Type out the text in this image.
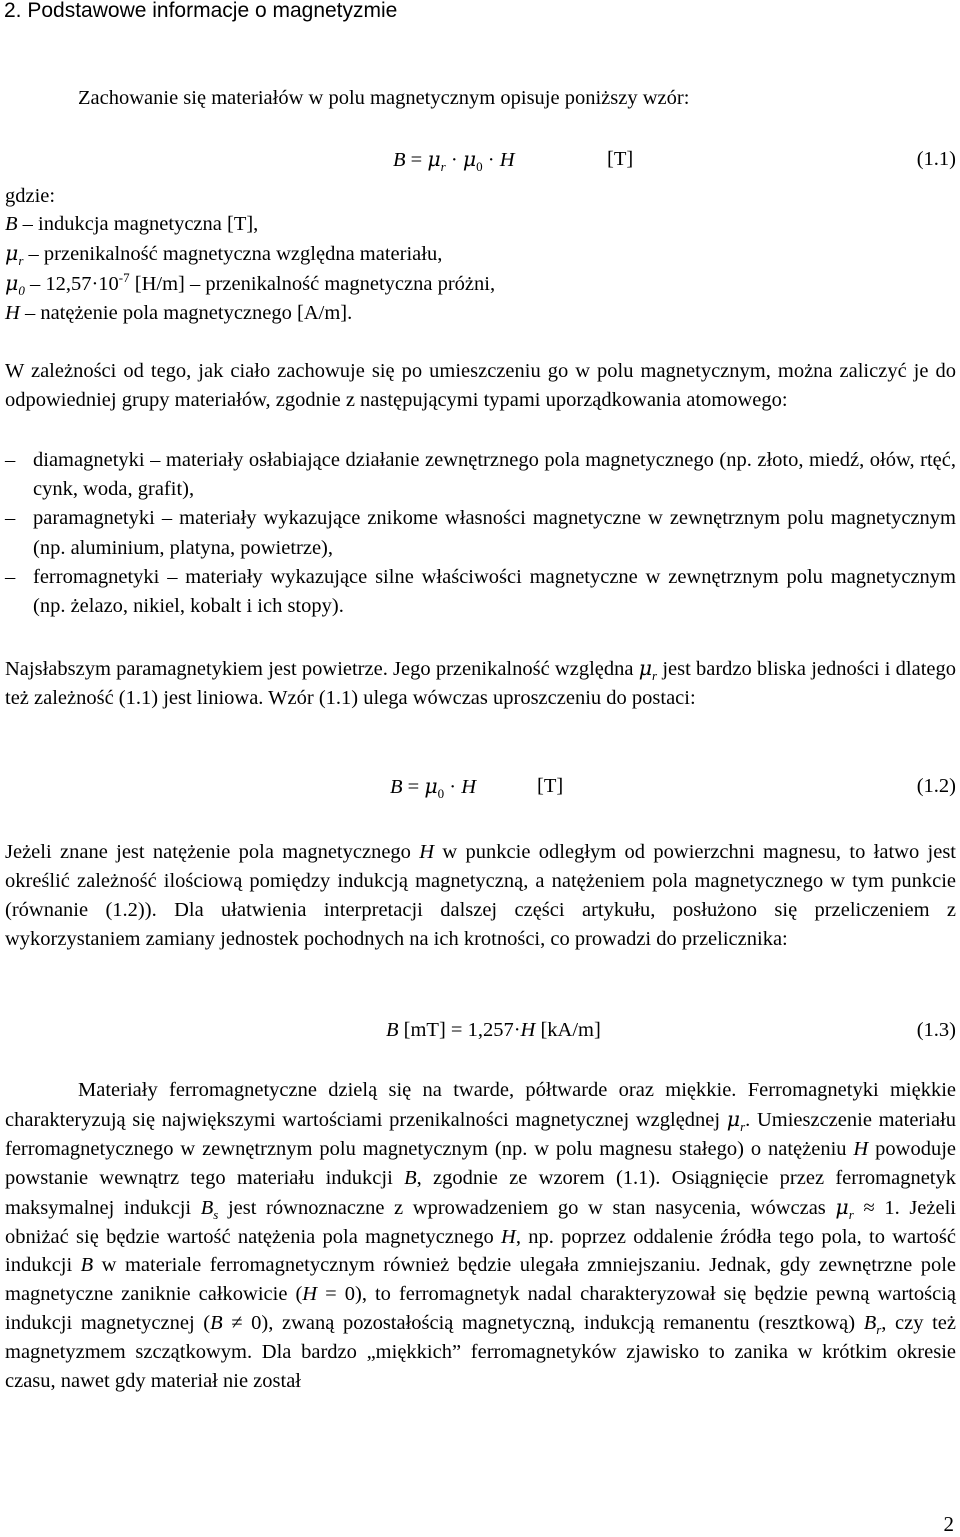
2. Podstawowe informacje o magnetyzmie
Zachowanie się materiałów w polu magnetycznym opisuje poniższy wzór:
$B = \mu_r \cdot \mu_0 \cdot H$	[T]	(1.1)
gdzie:
B – indukcja magnetyczna [T],
$\mu_r$ – przenikalność magnetyczna względna materiału,
$\mu_0 - 12,57\cdot 10^{-7}$ [H/m] – przenikalność magnetyczna próżni,
H – natężenie pola magnetycznego [A/m].

W zależności od tego, jak ciało zachowuje się po umieszczeniu go w polu magnetycznym, można zaliczyć je do odpowiedniej grupy materiałów, zgodnie z następującymi typami uporządkowania atomowego:

– diamagnetyki – materiały osłabiające działanie zewnętrznego pola magnetycznego (np. złoto, miedź, ołów, rtęć, cynk, woda, grafit),
– paramagnetyki – materiały wykazujące znikome własności magnetyczne w zewnętrznym polu magnetycznym (np. aluminium, platyna, powietrze),
– ferromagnetyki – materiały wykazujące silne właściwości magnetyczne w zewnętrznym polu magnetycznym (np. żelazo, nikiel, kobalt i ich stopy).

Najsłabszym paramagnetykiem jest powietrze. Jego przenikalność względna $\mu_r$ jest bardzo bliska jedności i dlatego też zależność (1.1) jest liniowa. Wzór (1.1) ulega wówczas uproszczeniu do postaci:

$B = \mu_0 \cdot H$	[T]	(1.2)

Jeżeli znane jest natężenie pola magnetycznego H w punkcie odległym od powierzchni magnesu, to łatwo jest określić zależność ilościową pomiędzy indukcją magnetyczną, a natężeniem pola magnetycznego w tym punkcie (równanie (1.2)). Dla ułatwienia interpretacji dalszej części artykułu, posłużono się przeliczeniem z wykorzystaniem zamiany jednostek pochodnych na ich krotności, co prowadzi do przelicznika:

B [mT] = 1,257·H [kA/m]	(1.3)

Materiały ferromagnetyczne dzielą się na twarde, półtwarde oraz miękkie. Ferromagnetyki miękkie charakteryzują się największymi wartościami przenikalności magnetycznej względnej $\mu_r$. Umieszczenie materiału ferromagnetycznego w zewnętrznym polu magnetycznym (np. w polu magnesu stałego) o natężeniu H powoduje powstanie wewnątrz tego materiału indukcji B, zgodnie ze wzorem (1.1). Osiągnięcie przez ferromagnetyk maksymalnej indukcji $B_s$ jest równoznaczne z wprowadzeniem go w stan nasycenia, wówczas $\mu_r \approx 1$. Jeżeli obniżać się będzie wartość natężenia pola magnetycznego H, np. poprzez oddalenie źródła tego pola, to wartość indukcji B w materiale ferromagnetycznym również będzie ulegała zmniejszaniu. Jednak, gdy zewnętrzne pole magnetyczne zaniknie całkowicie (H = 0), to ferromagnetyk nadal charakteryzował się będzie pewną wartością indukcji magnetycznej (B ≠ 0), zwaną pozostałością magnetyczną, indukcją remanentu (resztkową) $B_r$, czy też magnetyzmem szczątkowym. Dla bardzo „miękkich” ferromagnetyków zjawisko to zanika w krótkim okresie czasu, nawet gdy materiał nie został

2
